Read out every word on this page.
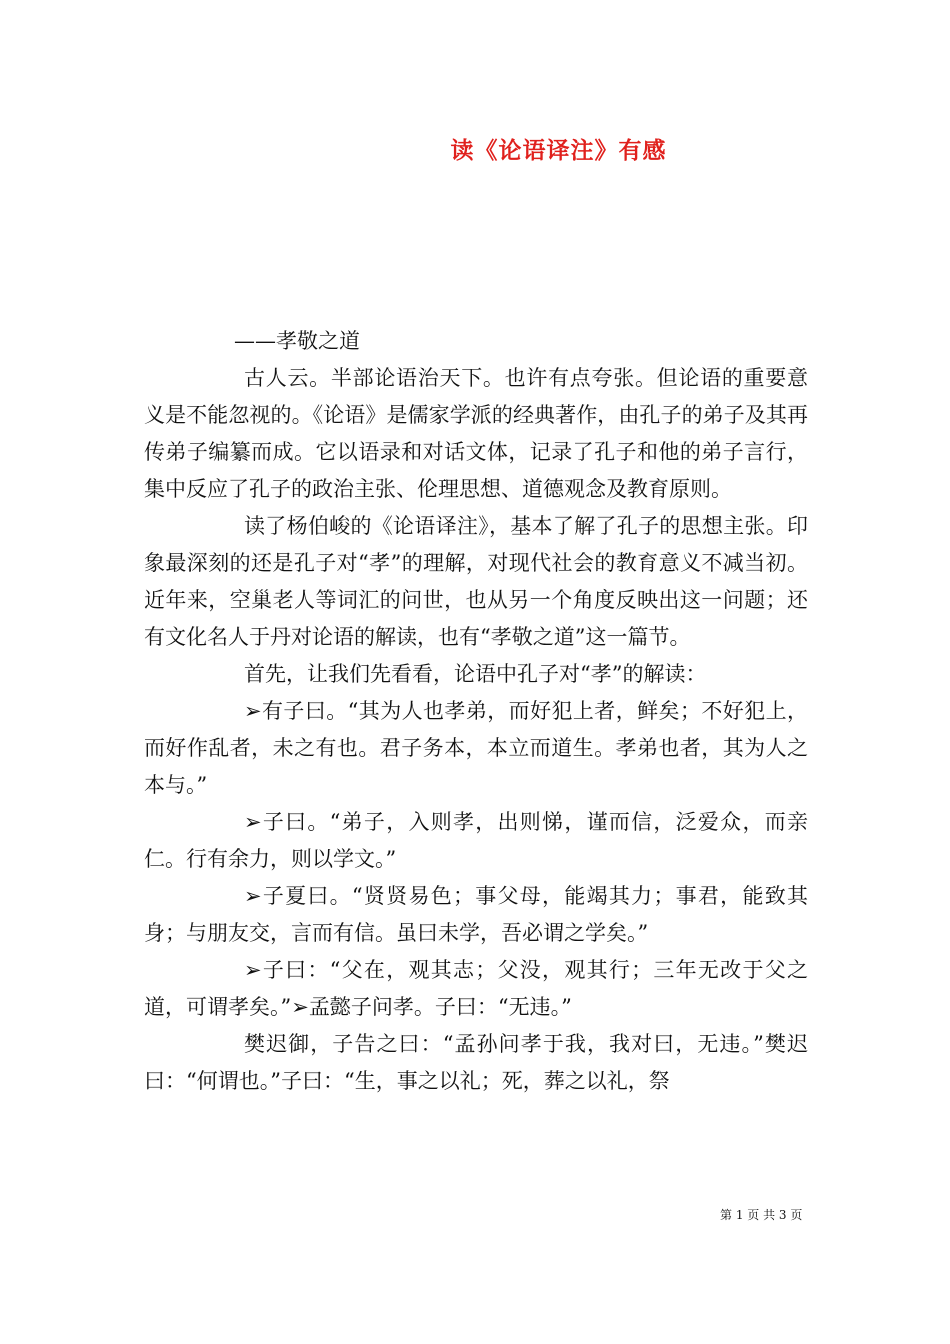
读《论语译注》有感

——孝敬之道

古人云。半部论语治天下。也许有点夸张。但论语的重要意义是不能忽视的。《论语》是儒家学派的经典著作，由孔子的弟子及其再传弟子编纂而成。它以语录和对话文体，记录了孔子和他的弟子言行，集中反应了孔子的政治主张、伦理思想、道德观念及教育原则。

读了杨伯峻的《论语译注》，基本了解了孔子的思想主张。印象最深刻的还是孔子对“孝”的理解，对现代社会的教育意义不减当初。近年来，空巢老人等词汇的问世，也从另一个角度反映出这一问题；还有文化名人于丹对论语的解读，也有“孝敬之道”这一篇节。

首先，让我们先看看，论语中孔子对“孝”的解读：

➢有子曰。“其为人也孝弟，而好犯上者，鲜矣；不好犯上，而好作乱者，未之有也。君子务本，本立而道生。孝弟也者，其为人之本与。”

➢子曰。“弟子，入则孝，出则悌，谨而信，泛爱众，而亲仁。行有余力，则以学文。”

➢子夏曰。“贤贤易色；事父母，能竭其力；事君，能致其身；与朋友交，言而有信。虽曰未学，吾必谓之学矣。”

➢子曰：“父在，观其志；父没，观其行；三年无改于父之道，可谓孝矣。”➢孟懿子问孝。子曰：“无违。”

樊迟御，子告之曰：“孟孙问孝于我，我对曰，无违。”樊迟曰：“何谓也。”子曰：“生，事之以礼；死，葬之以礼，祭

第 1 页 共 3 页
